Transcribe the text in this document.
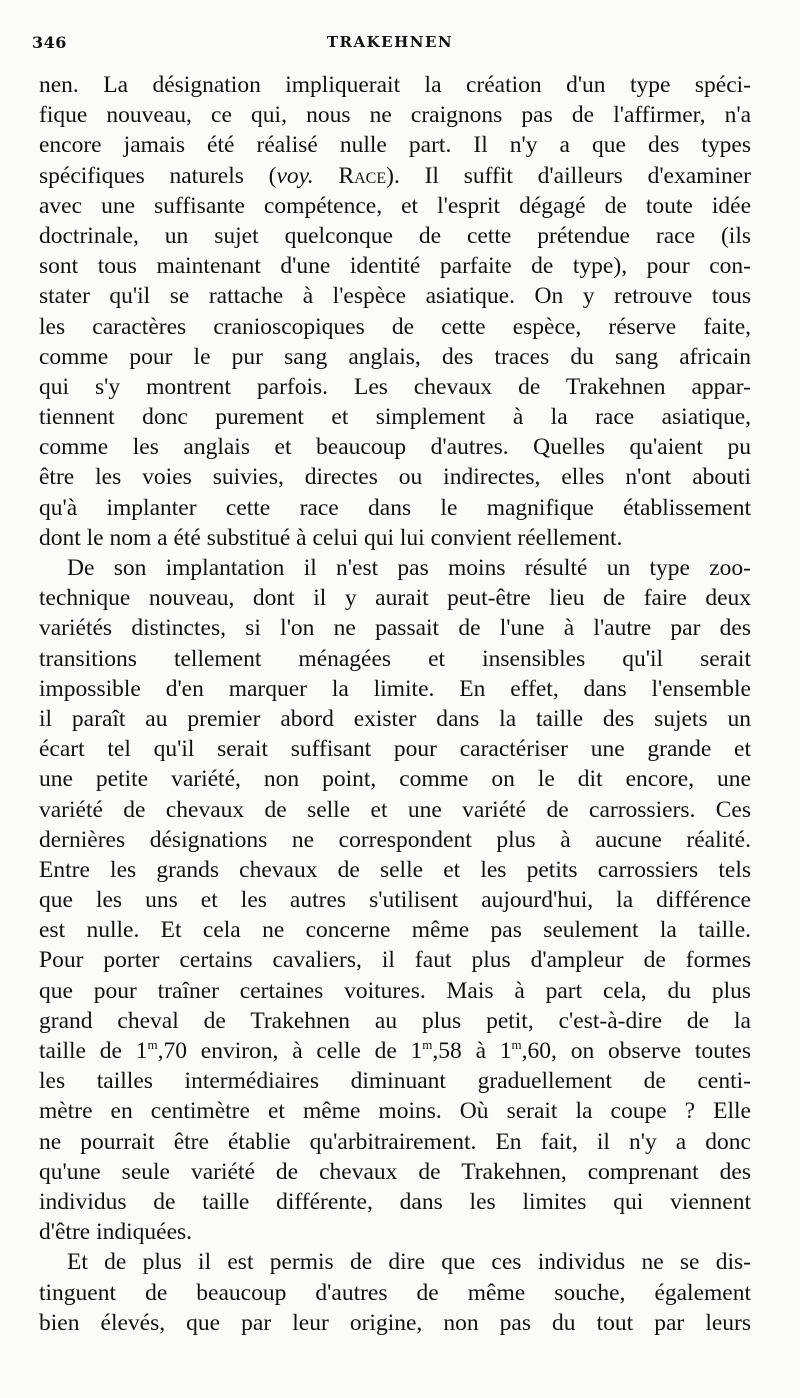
346	TRAKEHNEN
nen. La désignation impliquerait la création d'un type spéci-
fique nouveau, ce qui, nous ne craignons pas de l'affirmer, n'a
encore jamais été réalisé nulle part. Il n'y a que des types
spécifiques naturels (voy. Race). Il suffit d'ailleurs d'examiner
avec une suffisante compétence, et l'esprit dégagé de toute idée
doctrinale, un sujet quelconque de cette prétendue race (ils
sont tous maintenant d'une identité parfaite de type), pour con-
stater qu'il se rattache à l'espèce asiatique. On y retrouve tous
les caractères cranioscopiques de cette espèce, réserve faite,
comme pour le pur sang anglais, des traces du sang africain
qui s'y montrent parfois. Les chevaux de Trakehnen appar-
tiennent donc purement et simplement à la race asiatique,
comme les anglais et beaucoup d'autres. Quelles qu'aient pu
être les voies suivies, directes ou indirectes, elles n'ont abouti
qu'à implanter cette race dans le magnifique établissement
dont le nom a été substitué à celui qui lui convient réellement.
De son implantation il n'est pas moins résulté un type zoo-
technique nouveau, dont il y aurait peut-être lieu de faire deux
variétés distinctes, si l'on ne passait de l'une à l'autre par des
transitions tellement ménagées et insensibles qu'il serait
impossible d'en marquer la limite. En effet, dans l'ensemble
il paraît au premier abord exister dans la taille des sujets un
écart tel qu'il serait suffisant pour caractériser une grande et
une petite variété, non point, comme on le dit encore, une
variété de chevaux de selle et une variété de carrossiers. Ces
dernières désignations ne correspondent plus à aucune réalité.
Entre les grands chevaux de selle et les petits carrossiers tels
que les uns et les autres s'utilisent aujourd'hui, la différence
est nulle. Et cela ne concerne même pas seulement la taille.
Pour porter certains cavaliers, il faut plus d'ampleur de formes
que pour traîner certaines voitures. Mais à part cela, du plus
grand cheval de Trakehnen au plus petit, c'est-à-dire de la
taille de 1$^m$,70 environ, à celle de 1$^m$,58 à 1$^m$,60, on observe toutes
les tailles intermédiaires diminuant graduellement de centi-
mètre en centimètre et même moins. Où serait la coupe ? Elle
ne pourrait être établie qu'arbitrairement. En fait, il n'y a donc
qu'une seule variété de chevaux de Trakehnen, comprenant des
individus de taille différente, dans les limites qui viennent
d'être indiquées.
Et de plus il est permis de dire que ces individus ne se dis-
tinguent de beaucoup d'autres de même souche, également
bien élevés, que par leur origine, non pas du tout par leurs
